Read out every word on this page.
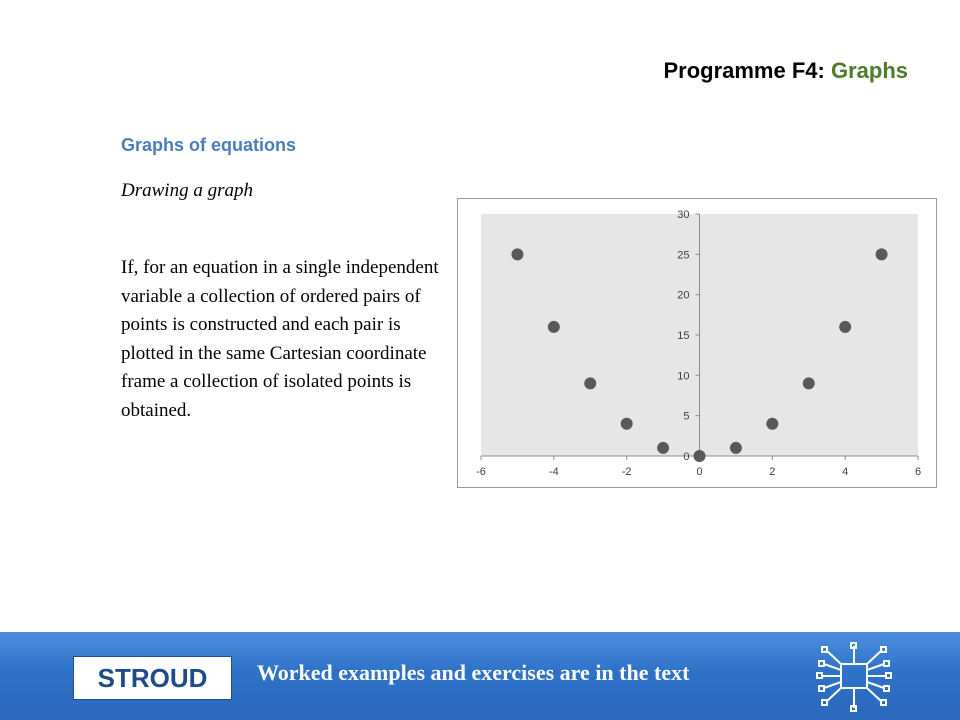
Programme F4: Graphs
Graphs of equations
Drawing a graph
If, for an equation in a single independent variable a collection of ordered pairs of points is constructed and each pair is plotted in the same Cartesian coordinate frame a collection of isolated points is obtained.
0
5
10
15
20
25
30
-6	-4	-2	0	2	4	6
STROUD	Worked examples and exercises are in the text
